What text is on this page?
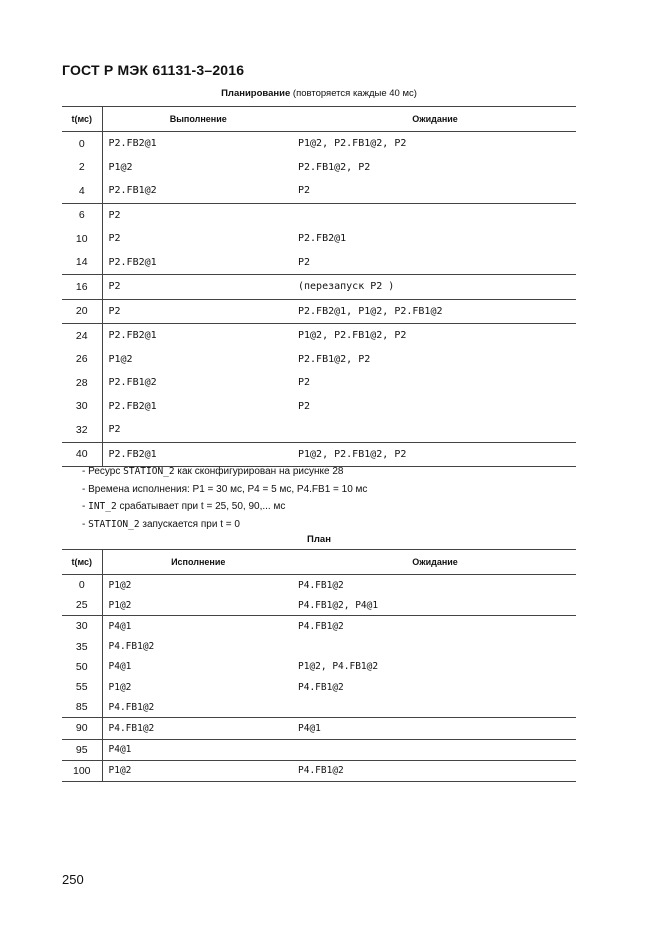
ГОСТ Р МЭК 61131-3–2016
Планирование (повторяется каждые 40 мс)
t(мс)	Выполнение	Ожидание
0	P2.FB2@1	P1@2, P2.FB1@2, P2
2	P1@2	P2.FB1@2, P2
4	P2.FB1@2	P2
6	P2	
10	P2	P2.FB2@1
14	P2.FB2@1	P2
16	P2	(перезапуск P2 )
20	P2	P2.FB2@1, P1@2, P2.FB1@2
24	P2.FB2@1	P1@2, P2.FB1@2, P2
26	P1@2	P2.FB1@2, P2
28	P2.FB1@2	P2
30	P2.FB2@1	P2
32	P2	
40	P2.FB2@1	P1@2, P2.FB1@2, P2
- Ресурс STATION_2 как сконфигурирован на рисунке 28
- Времена исполнения: P1 = 30 мс, P4 = 5 мс, P4.FB1 = 10 мс
- INT_2 срабатывает при t = 25, 50, 90,... мс
- STATION_2 запускается при t = 0
План
t(мс)	Исполнение	Ожидание
0	P1@2	P4.FB1@2
25	P1@2	P4.FB1@2, P4@1
30	P4@1	P4.FB1@2
35	P4.FB1@2	
50	P4@1	P1@2, P4.FB1@2
55	P1@2	P4.FB1@2
85	P4.FB1@2	
90	P4.FB1@2	P4@1
95	P4@1	
100	P1@2	P4.FB1@2
250
